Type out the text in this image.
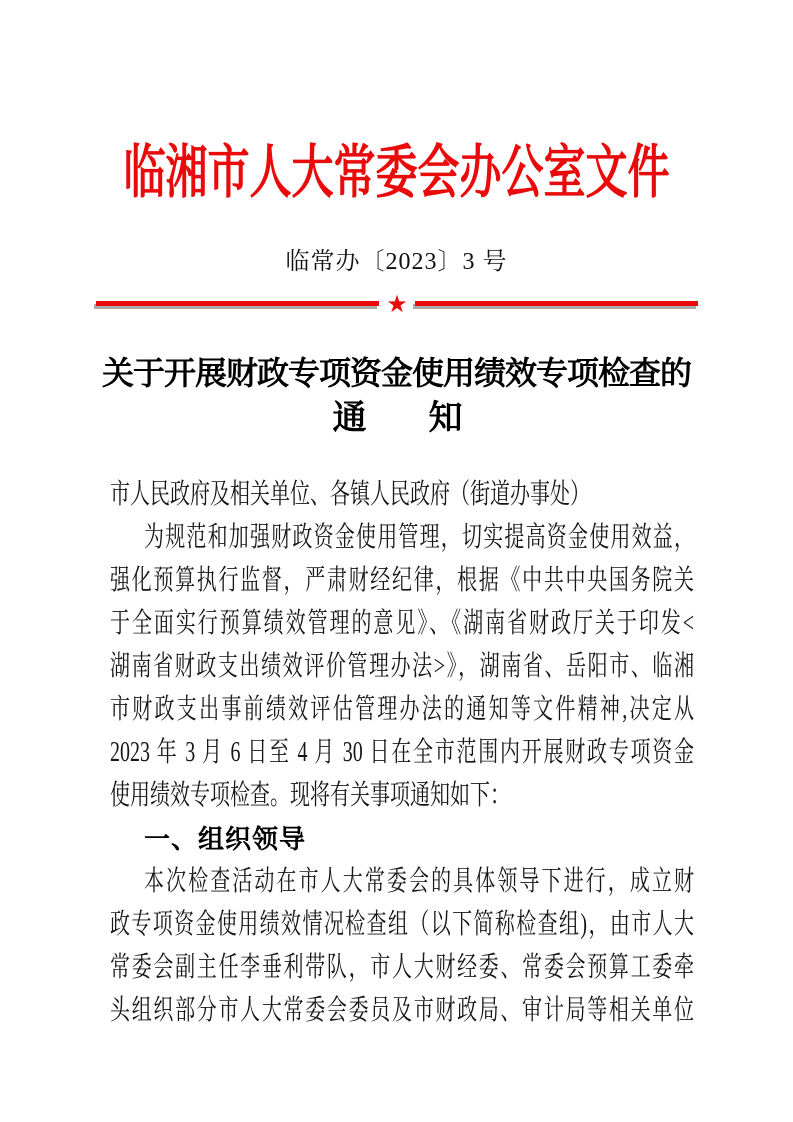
临湘市人大常委会办公室文件
临常办〔2023〕3 号
★
关于开展财政专项资金使用绩效专项检查的
通　　知
市人民政府及相关单位、各镇人民政府（街道办事处）
为规范和加强财政资金使用管理，切实提高资金使用效益，
强化预算执行监督，严肃财经纪律，根据《中共中央国务院关
于全面实行预算绩效管理的意见》、《湖南省财政厅关于印发<
湖南省财政支出绩效评价管理办法>》，湖南省、岳阳市、临湘
市财政支出事前绩效评估管理办法的通知等文件精神,决定从
2023 年 3 月 6 日至 4 月 30 日在全市范围内开展财政专项资金
使用绩效专项检查。现将有关事项通知如下：
一、组织领导
本次检查活动在市人大常委会的具体领导下进行，成立财
政专项资金使用绩效情况检查组（以下简称检查组)，由市人大
常委会副主任李垂利带队，市人大财经委、常委会预算工委牵
头组织部分市人大常委会委员及市财政局、审计局等相关单位
